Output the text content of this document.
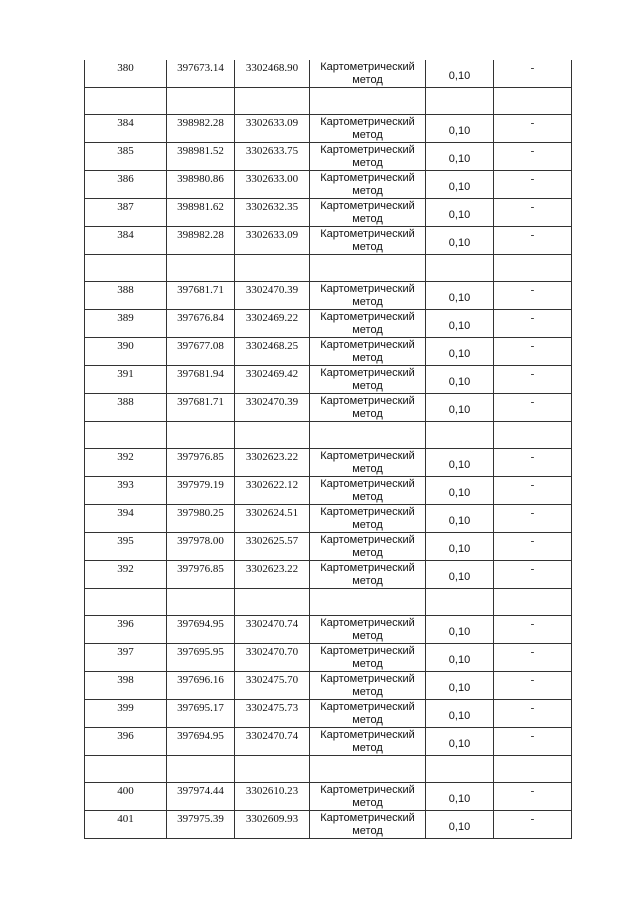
380	397673.14	3302468.90	Картометрический метод	0,10	-

384	398982.28	3302633.09	Картометрический метод	0,10	-
385	398981.52	3302633.75	Картометрический метод	0,10	-
386	398980.86	3302633.00	Картометрический метод	0,10	-
387	398981.62	3302632.35	Картометрический метод	0,10	-
384	398982.28	3302633.09	Картометрический метод	0,10	-

388	397681.71	3302470.39	Картометрический метод	0,10	-
389	397676.84	3302469.22	Картометрический метод	0,10	-
390	397677.08	3302468.25	Картометрический метод	0,10	-
391	397681.94	3302469.42	Картометрический метод	0,10	-
388	397681.71	3302470.39	Картометрический метод	0,10	-

392	397976.85	3302623.22	Картометрический метод	0,10	-
393	397979.19	3302622.12	Картометрический метод	0,10	-
394	397980.25	3302624.51	Картометрический метод	0,10	-
395	397978.00	3302625.57	Картометрический метод	0,10	-
392	397976.85	3302623.22	Картометрический метод	0,10	-

396	397694.95	3302470.74	Картометрический метод	0,10	-
397	397695.95	3302470.70	Картометрический метод	0,10	-
398	397696.16	3302475.70	Картометрический метод	0,10	-
399	397695.17	3302475.73	Картометрический метод	0,10	-
396	397694.95	3302470.74	Картометрический метод	0,10	-

400	397974.44	3302610.23	Картометрический метод	0,10	-
401	397975.39	3302609.93	Картометрический метод	0,10	-
